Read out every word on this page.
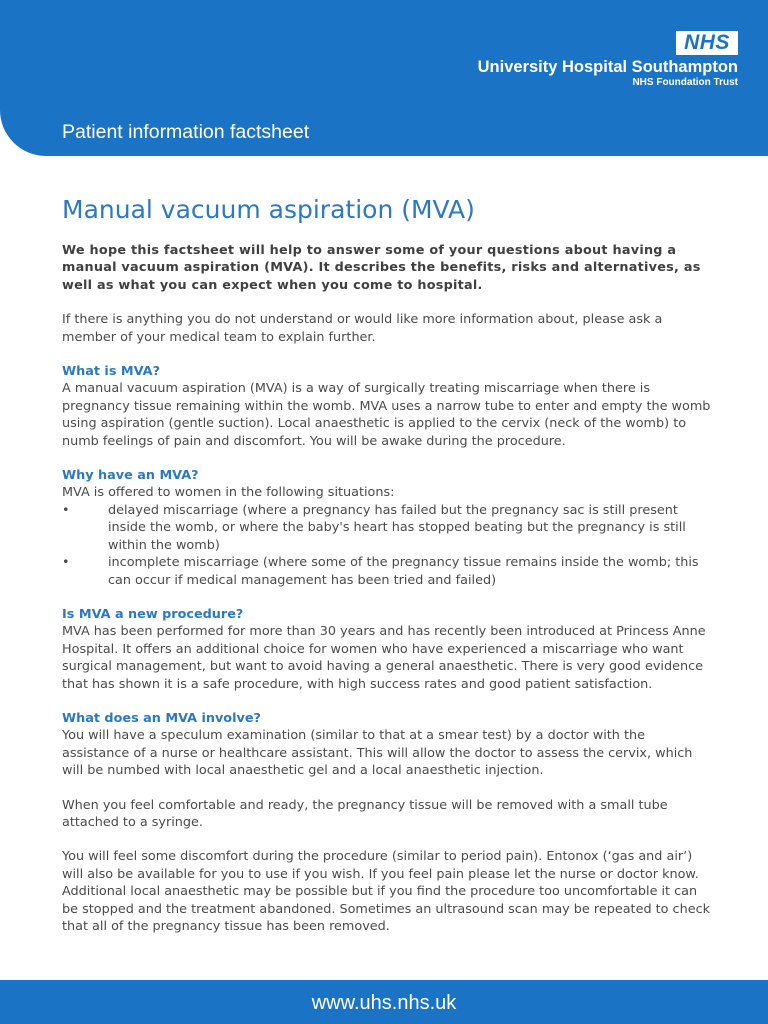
NHS
University Hospital Southampton
NHS Foundation Trust
Patient information factsheet
Manual vacuum aspiration (MVA)

We hope this factsheet will help to answer some of your questions about having a manual vacuum aspiration (MVA). It describes the benefits, risks and alternatives, as well as what you can expect when you come to hospital.

If there is anything you do not understand or would like more information about, please ask a member of your medical team to explain further.

What is MVA?

A manual vacuum aspiration (MVA) is a way of surgically treating miscarriage when there is pregnancy tissue remaining within the womb. MVA uses a narrow tube to enter and empty the womb using aspiration (gentle suction). Local anaesthetic is applied to the cervix (neck of the womb) to numb feelings of pain and discomfort. You will be awake during the procedure.

Why have an MVA?

MVA is offered to women in the following situations:

•	delayed miscarriage (where a pregnancy has failed but the pregnancy sac is still present inside the womb, or where the baby's heart has stopped beating but the pregnancy is still within the womb)
•	incomplete miscarriage (where some of the pregnancy tissue remains inside the womb; this can occur if medical management has been tried and failed)

Is MVA a new procedure?

MVA has been performed for more than 30 years and has recently been introduced at Princess Anne Hospital. It offers an additional choice for women who have experienced a miscarriage who want surgical management, but want to avoid having a general anaesthetic. There is very good evidence that has shown it is a safe procedure, with high success rates and good patient satisfaction.

What does an MVA involve?

You will have a speculum examination (similar to that at a smear test) by a doctor with the assistance of a nurse or healthcare assistant. This will allow the doctor to assess the cervix, which will be numbed with local anaesthetic gel and a local anaesthetic injection.

When you feel comfortable and ready, the pregnancy tissue will be removed with a small tube attached to a syringe.

You will feel some discomfort during the procedure (similar to period pain). Entonox (‘gas and air’) will also be available for you to use if you wish. If you feel pain please let the nurse or doctor know. Additional local anaesthetic may be possible but if you find the procedure too uncomfortable it can be stopped and the treatment abandoned. Sometimes an ultrasound scan may be repeated to check that all of the pregnancy tissue has been removed.

www.uhs.nhs.uk
